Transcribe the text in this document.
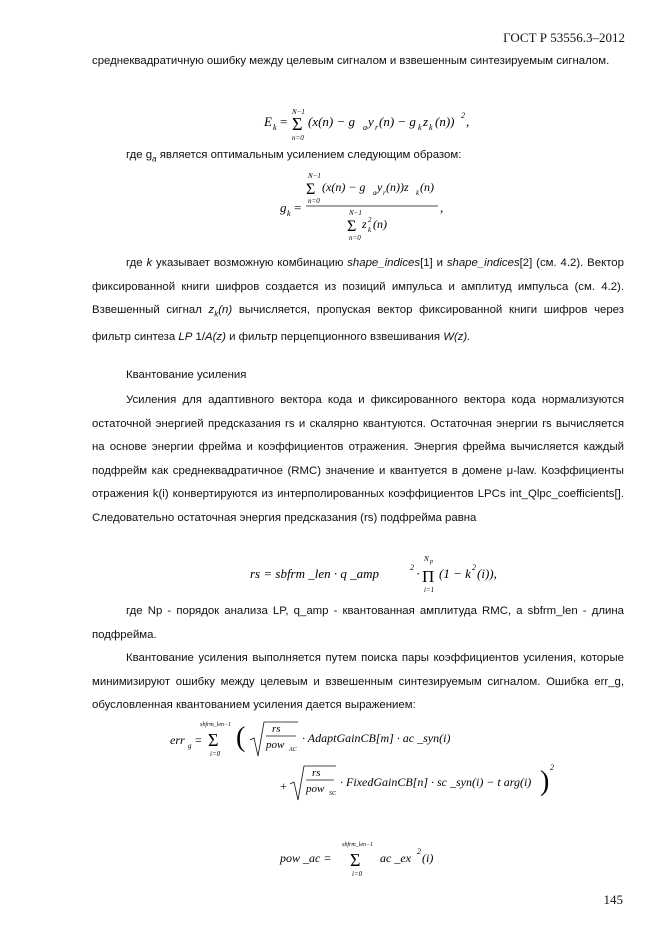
ГОСТ Р 53556.3–2012

среднеквадратичную ошибку между целевым сигналом и взвешенным синтезируемым сигналом.

E k =
N−1
Σ
n=0
(x(n) − g a y r (n) − g k z k (n)) 2 ,
где $g_a$ является оптимальным усилением следующим образом:
g k =
N−1
Σ
n=0
(x(n) − g a y r (n))z k (n)
N−1
Σ
n=0
z 2
k (n)
,

где k указывает возможную комбинацию shape_indices[1] и shape_indices[2] (см. 4.2). Вектор фиксированной книги шифров создается из позиций импульса и амплитуд импульса (см. 4.2). Взвешенный сигнал $z_k(n)$ вычисляется, пропуская вектор фиксированной книги шифров через фильтр синтеза LP 1/A(z) и фильтр перцепционного взвешивания W(z).

Квантование усиления

Усиления для адаптивного вектора кода и фиксированного вектора кода нормализуются остаточной энергией предсказания rs и скалярно квантуются. Остаточная энергии rs вычисляется на основе энергии фрейма и коэффициентов отражения. Энергия фрейма вычисляется каждый подфрейм как среднеквадратичное (RMC) значение и квантуется в домене μ-law. Коэффициенты отражения k(i) конвертируются из интерполированных коэффициентов LPCs int_Qlpc_coefficients[]. Следовательно остаточная энергия предсказания (rs) подфрейма равна

rs = sbfrm _len · q _amp	2 ·
N p
Π
i=1
(1 − k 2 (i)),

где Np - порядок анализа LP, q_amp - квантованная амплитуда RMC, а sbfrm_len - длина подфрейма.

Квантование усиления выполняется путем поиска пары коэффициентов усиления, которые минимизируют ошибку между целевым и взвешенным синтезируемым сигналом. Ошибка err_g, обусловленная квантованием усиления дается выражением:

err g =
sbfrm_len−1
Σ
i=0
( rs
pow AC
· AdaptGainCB[m] · ac _syn(i)
+
rs
pow SC
· FixedGainCB[n] · sc _syn(i) − t arg(i) ) 2
pow _ac =
sbfrm_len−1
Σ
i=0
ac _ex 2 (i)
145
